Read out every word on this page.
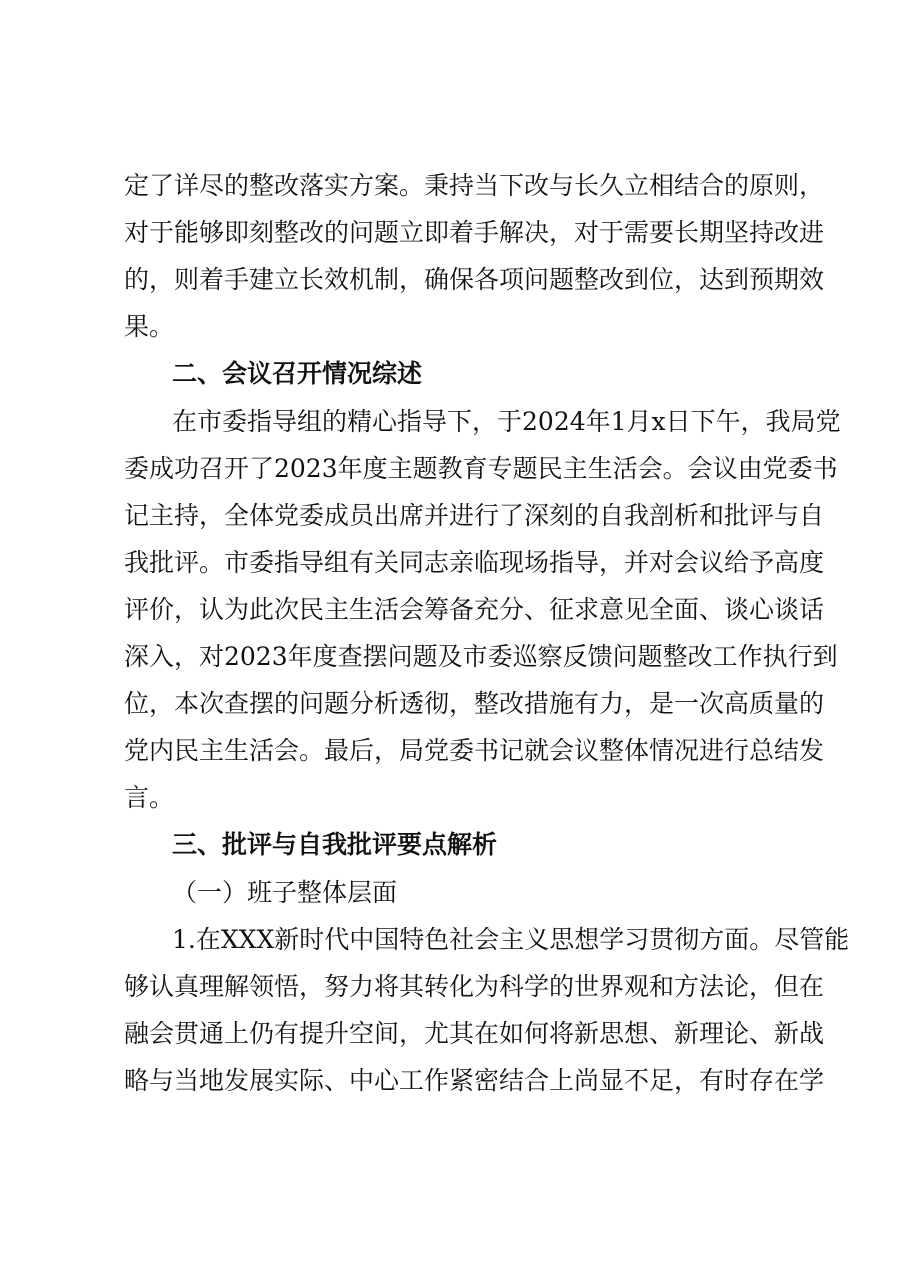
定了详尽的整改落实方案。秉持当下改与长久立相结合的原则，
对于能够即刻整改的问题立即着手解决，对于需要长期坚持改进
的，则着手建立长效机制，确保各项问题整改到位，达到预期效
果。
二、会议召开情况综述
在市委指导组的精心指导下，于2024年1月x日下午，我局党
委成功召开了2023年度主题教育专题民主生活会。会议由党委书
记主持，全体党委成员出席并进行了深刻的自我剖析和批评与自
我批评。市委指导组有关同志亲临现场指导，并对会议给予高度
评价，认为此次民主生活会筹备充分、征求意见全面、谈心谈话
深入，对2023年度查摆问题及市委巡察反馈问题整改工作执行到
位，本次查摆的问题分析透彻，整改措施有力，是一次高质量的
党内民主生活会。最后，局党委书记就会议整体情况进行总结发
言。
三、批评与自我批评要点解析
（一）班子整体层面
1.在XXX新时代中国特色社会主义思想学习贯彻方面。尽管能
够认真理解领悟，努力将其转化为科学的世界观和方法论，但在
融会贯通上仍有提升空间，尤其在如何将新思想、新理论、新战
略与当地发展实际、中心工作紧密结合上尚显不足，有时存在学
